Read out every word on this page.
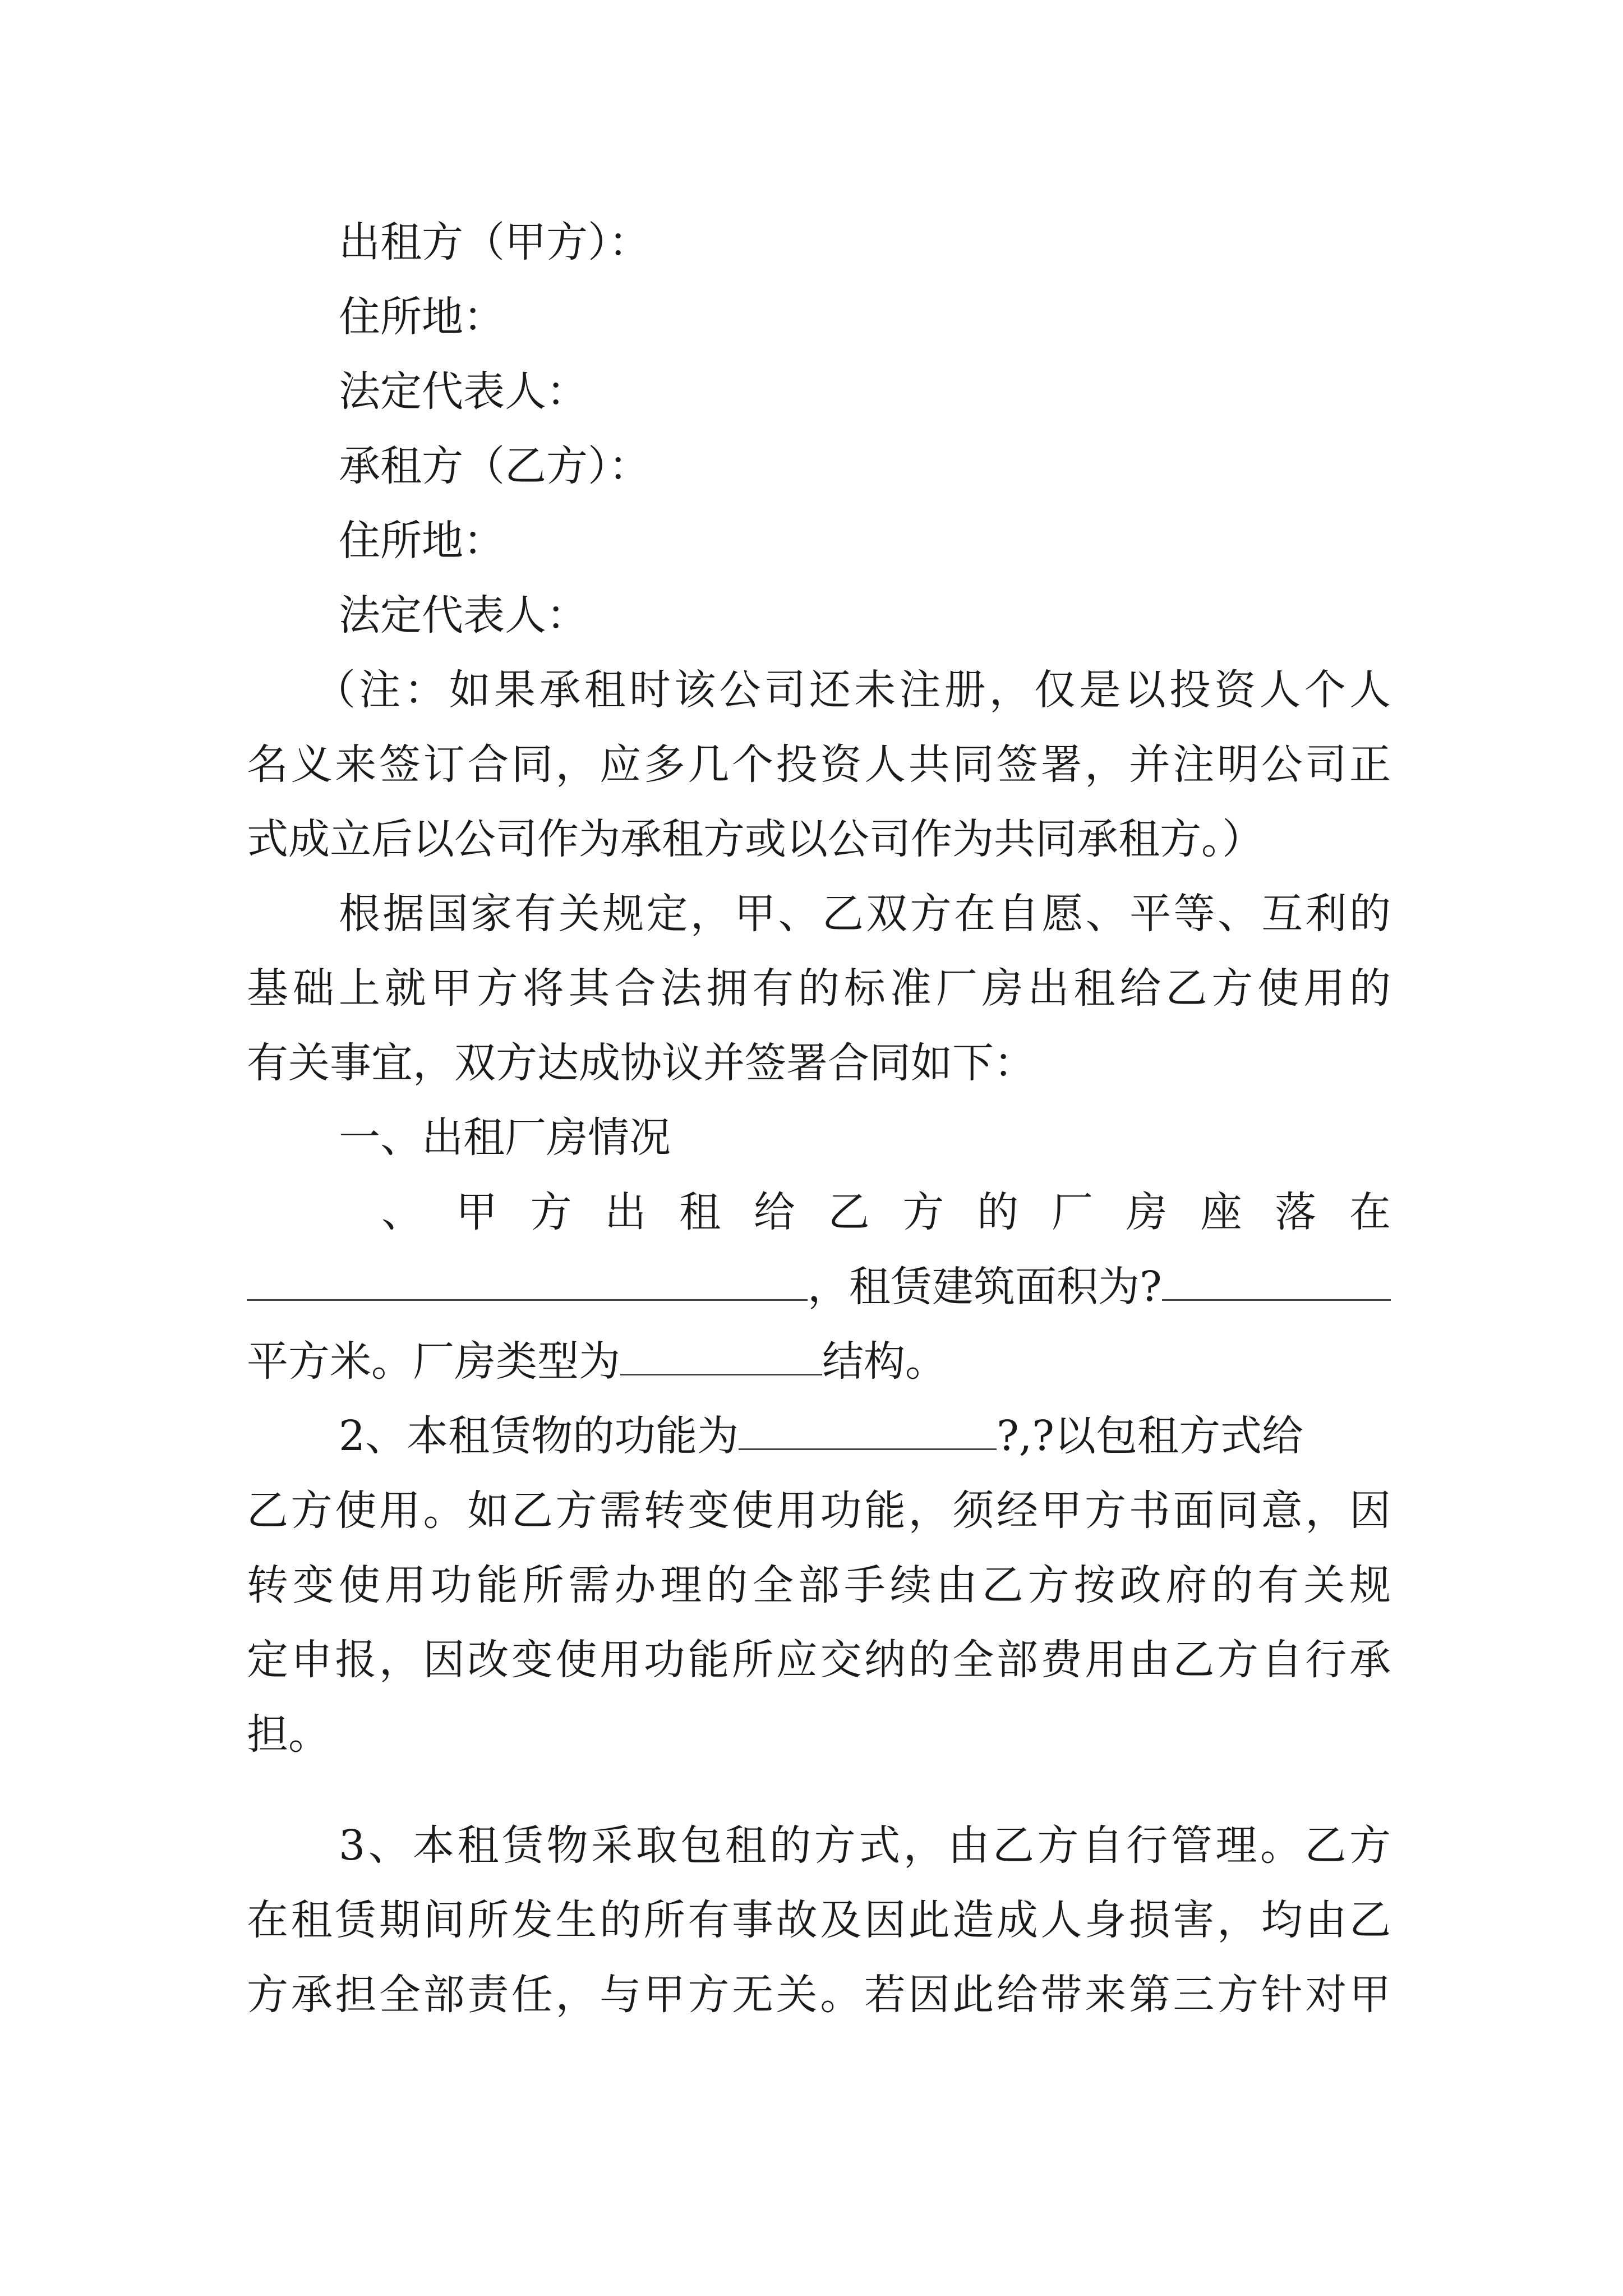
出租方（甲方）：
住所地：
法定代表人：
承租方（乙方）：
住所地：
法定代表人：
（注：如果承租时该公司还未注册，仅是以投资人个人
名义来签订合同，应多几个投资人共同签署，并注明公司正
式成立后以公司作为承租方或以公司作为共同承租方。）
根据国家有关规定，甲、乙双方在自愿、平等、互利的
基础上就甲方将其合法拥有的标准厂房出租给乙方使用的
有关事宜，双方达成协议并签署合同如下：
一、出租厂房情况
、 甲 方 出 租 给 乙 方 的 厂 房 座 落 在
，租赁建筑面积为?
平方米。厂房类型为	结构。
2、本租赁物的功能为	?,?以包租方式给
乙方使用。如乙方需转变使用功能，须经甲方书面同意，因
转变使用功能所需办理的全部手续由乙方按政府的有关规
定申报，因改变使用功能所应交纳的全部费用由乙方自行承
担。
3、本租赁物采取包租的方式，由乙方自行管理。乙方
在租赁期间所发生的所有事故及因此造成人身损害，均由乙
方承担全部责任，与甲方无关。若因此给带来第三方针对甲
